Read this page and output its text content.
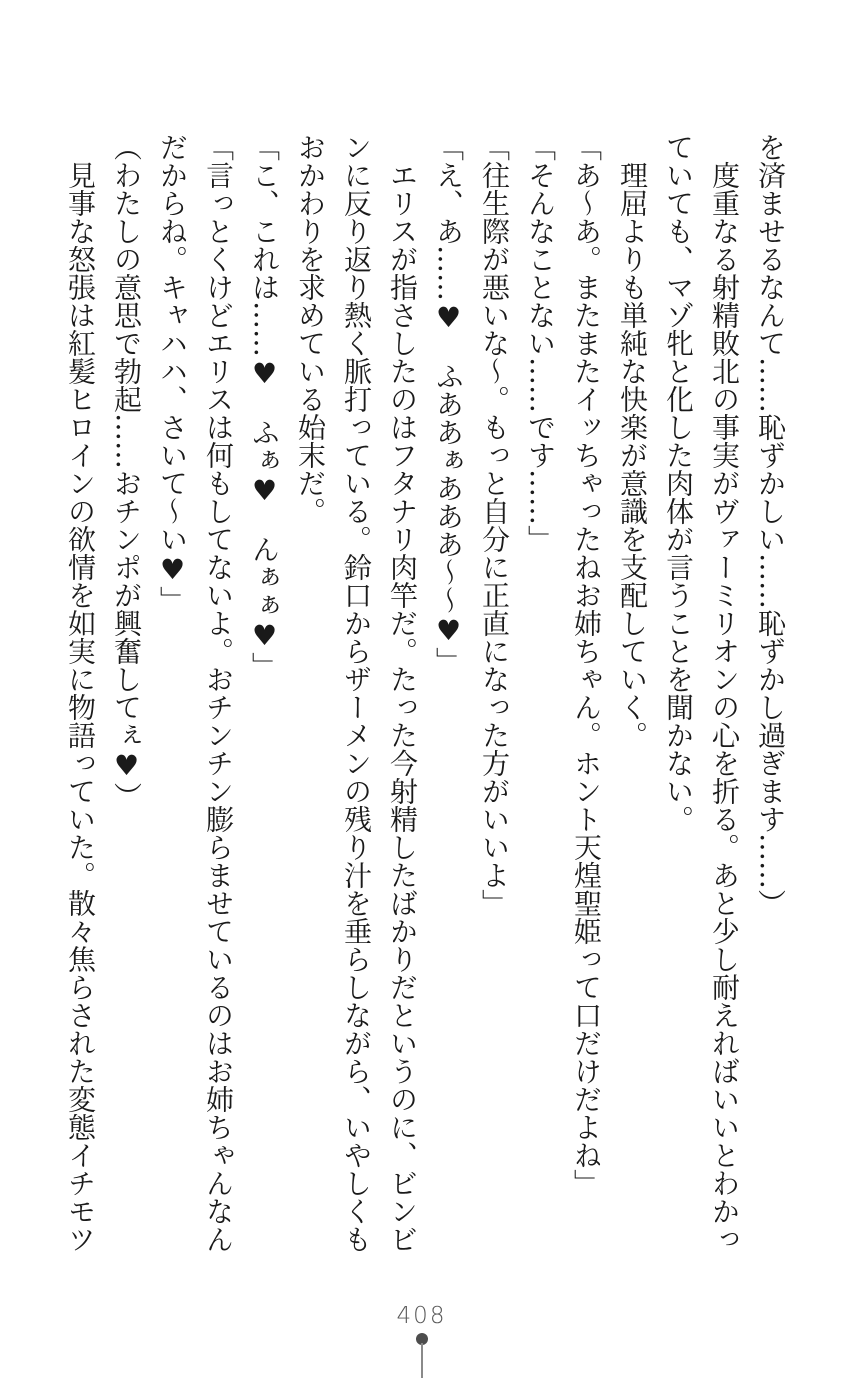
を済ませるなんて……恥ずかしい……恥ずかし過ぎます……）

度重なる射精敗北の事実がヴァーミリオンの心を折る。あと少し耐えればいいとわかっていても、マゾ牝と化した肉体が言うことを聞かない。

理屈よりも単純な快楽が意識を支配していく。

「あ〜あ。またまたイッちゃったねお姉ちゃん。ホント天煌聖姫って口だけだよね」

「そんなことない……です……」

「往生際が悪いな〜。もっと自分に正直になった方がいいよ」

「え、あ……♥　ふああぁあああ〜〜♥」

エリスが指さしたのはフタナリ肉竿だ。たった今射精したばかりだというのに、ビンビンに反り返り熱く脈打っている。鈴口からザーメンの残り汁を垂らしながら、いやしくもおかわりを求めている始末だ。

「こ、これは……♥　ふぁ♥　んぁぁ♥」

「言っとくけどエリスは何もしてないよ。おチンチン膨らませているのはお姉ちゃんなんだからね。キャハハ、さいて〜い♥」

（わたしの意思で勃起……おチンポが興奮してぇ♥）

見事な怒張は紅髪ヒロインの欲情を如実に物語っていた。散々焦らされた変態イチモツ

408
